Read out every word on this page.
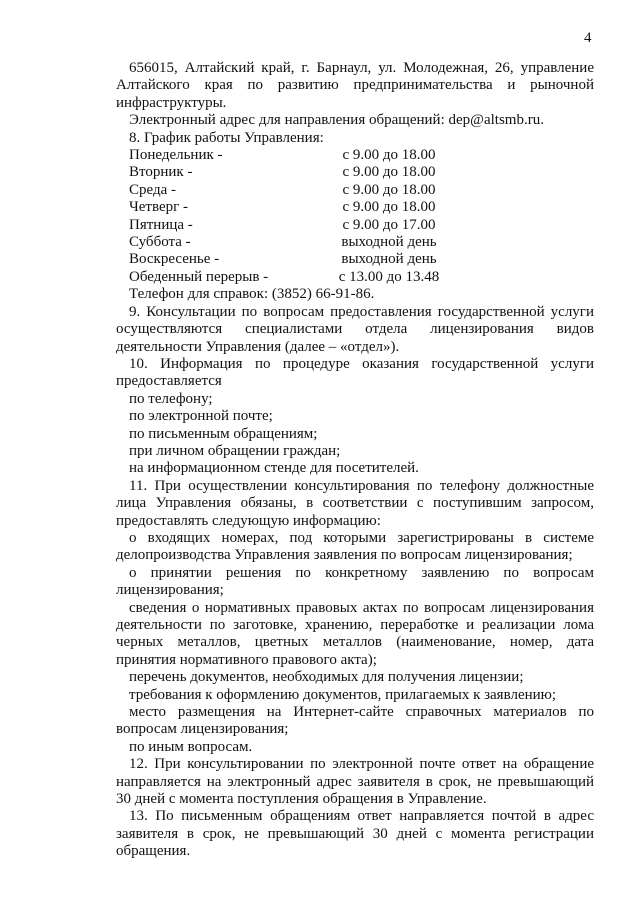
4

656015, Алтайский край, г. Барнаул, ул. Молодежная, 26, управление Алтайского края по развитию предпринимательства и рыночной инфраструктуры.

Электронный адрес для направления обращений: dep@altsmb.ru.

8. График работы Управления:

Понедельник -	с 9.00 до 18.00
Вторник -	с 9.00 до 18.00
Среда -	с 9.00 до 18.00
Четверг -	с 9.00 до 18.00
Пятница -	с 9.00 до 17.00
Суббота -	выходной день
Воскресенье -	выходной день
Обеденный перерыв -	с 13.00 до 13.48

Телефон для справок: (3852) 66-91-86.

9. Консультации по вопросам предоставления государственной услуги осуществляются специалистами отдела лицензирования видов деятельности Управления (далее – «отдел»).

10. Информация по процедуре оказания государственной услуги предоставляется

по телефону;

по электронной почте;

по письменным обращениям;

при личном обращении граждан;

на информационном стенде для посетителей.

11. При осуществлении консультирования по телефону должностные лица Управления обязаны, в соответствии с поступившим запросом, предоставлять следующую информацию:

о входящих номерах, под которыми зарегистрированы в системе делопроизводства Управления заявления по вопросам лицензирования;

о принятии решения по конкретному заявлению по вопросам лицензирования;

сведения о нормативных правовых актах по вопросам лицензирования деятельности по заготовке, хранению, переработке и реализации лома черных металлов, цветных металлов (наименование, номер, дата принятия нормативного правового акта);

перечень документов, необходимых для получения лицензии;

требования к оформлению документов, прилагаемых к заявлению;

место размещения на Интернет-сайте справочных материалов по вопросам лицензирования;

по иным вопросам.

12. При консультировании по электронной почте ответ на обращение направляется на электронный адрес заявителя в срок, не превышающий 30 дней с момента поступления обращения в Управление.

13. По письменным обращениям ответ направляется почтой в адрес заявителя в срок, не превышающий 30 дней с момента регистрации обращения.
